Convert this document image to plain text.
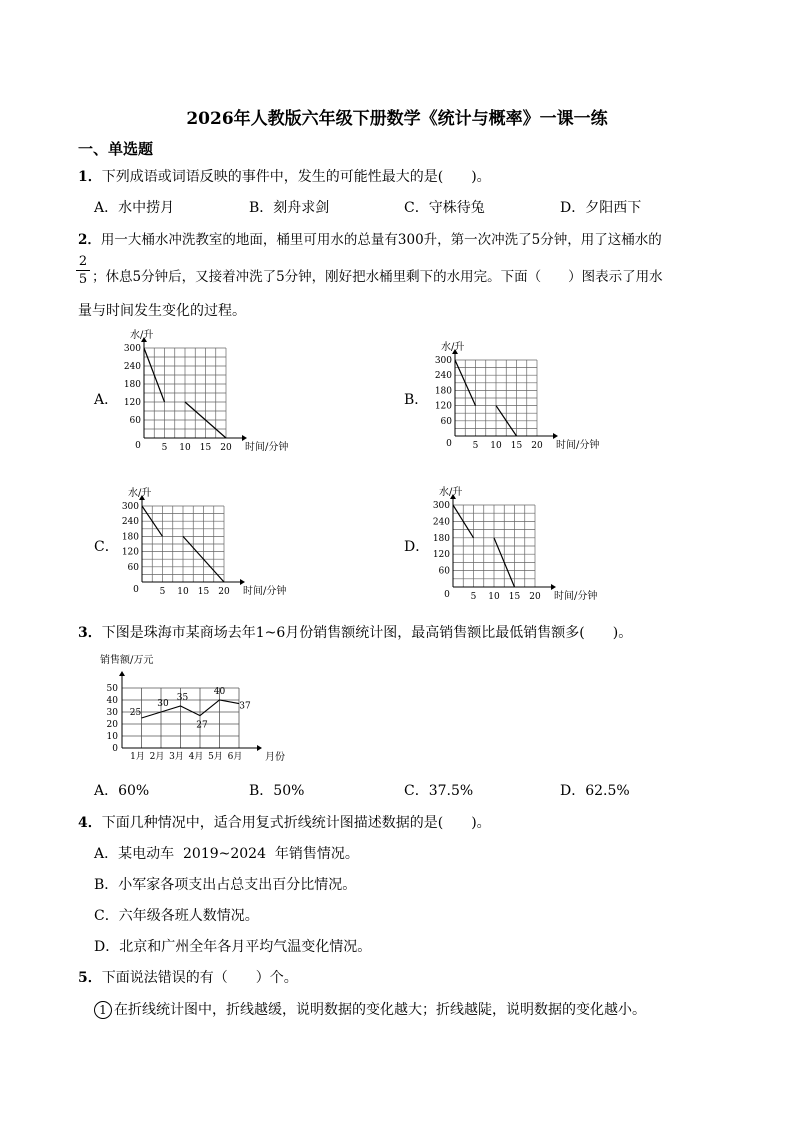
2026年人教版六年级下册数学《统计与概率》一课一练
一、单选题
1．下列成语或词语反映的事件中，发生的可能性最大的是(　　)。
A．水中捞月	B．刻舟求剑	C．守株待兔	D．夕阳西下
2．用一大桶水冲洗教室的地面，桶里可用水的总量有300升，第一次冲洗了5分钟，用了这桶水的
2
5 ；休息5分钟后，又接着冲洗了5分钟，刚好把水桶里剩下的水用完。下面（　　）图表示了用水
量与时间发生变化的过程。
A．	B．
C．	D．
300
240
180
120
60
5 10 15 20
0
水/升
时间/分钟
300
240
180
120
60
5 10 15 20
0
水/升
时间/分钟
300
240
180
120
60
5 10 15 20
0
水/升
时间/分钟
300
240
180
120
60
5 10 15 20
0
水/升
时间/分钟
3．下图是珠海市某商场去年1~6月份销售额统计图，最高销售额比最低销售额多(　　)。
0
10
20
30
40
50
销售额/万元
月份
1月 2月 3月 4月 5月 6月
25
30
35
27
40
37
A．60%	B．50%	C．37.5%	D．62.5%
4．下面几种情况中，适合用复式折线统计图描述数据的是(　　)。
A．某电动车  2019~2024  年销售情况。
B．小军家各项支出占总支出百分比情况。
C．六年级各班人数情况。
D．北京和广州全年各月平均气温变化情况。
5．下面说法错误的有（　　）个。
1 在折线统计图中，折线越缓，说明数据的变化越大；折线越陡，说明数据的变化越小。
